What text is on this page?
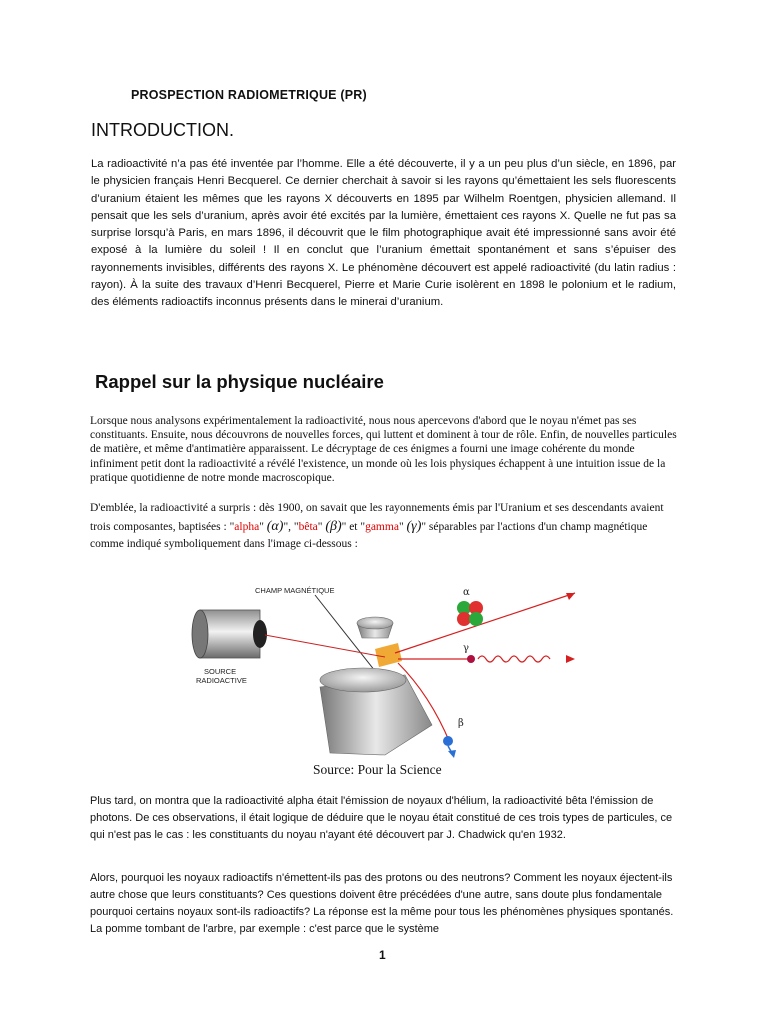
PROSPECTION RADIOMETRIQUE (PR)
INTRODUCTION.
La radioactivité n’a pas été inventée par l’homme. Elle a été découverte, il y a un peu plus d’un siècle, en 1896, par le physicien français Henri Becquerel. Ce dernier cherchait à savoir si les rayons qu’émettaient les sels fluorescents d’uranium étaient les mêmes que les rayons X découverts en 1895 par Wilhelm Roentgen, physicien allemand. Il pensait que les sels d’uranium, après avoir été excités par la lumière, émettaient ces rayons X. Quelle ne fut pas sa surprise lorsqu’à Paris, en mars 1896, il découvrit que le film photographique avait été impressionné sans avoir été exposé à la lumière du soleil ! Il en conclut que l’uranium émettait spontanément et sans s’épuiser des rayonnements invisibles, différents des rayons X. Le phénomène découvert est appelé radioactivité (du latin radius : rayon). À la suite des travaux d’Henri Becquerel, Pierre et Marie Curie isolèrent en 1898 le polonium et le radium, des éléments radioactifs inconnus présents dans le minerai d’uranium.
Rappel sur la physique nucléaire
Lorsque nous analysons expérimentalement la radioactivité, nous nous apercevons d'abord que le noyau n'émet pas ses constituants. Ensuite, nous découvrons de nouvelles forces, qui luttent et dominent à tour de rôle. Enfin, de nouvelles particules de matière, et même d'antimatière apparaissent. Le décryptage de ces énigmes a fourni une image cohérente du monde infiniment petit dont la radioactivité a révélé l'existence, un monde où les lois physiques échappent à une intuition issue de la pratique quotidienne de notre monde macroscopique.
D'emblée, la radioactivité a surpris : dès 1900, on savait que les rayonnements émis par l'Uranium et ses descendants avaient trois composantes, baptisées : "alpha" (α)", "bêta" (β)" et "gamma" (γ)" séparables par l'actions d'un champ magnétique comme indiqué symboliquement dans l'image ci-dessous :
CHAMP MAGNÉTIQUE
SOURCE
RADIOACTIVE
α
γ
β
Source: Pour la Science
Plus tard, on montra que la radioactivité alpha était l'émission de noyaux d'hélium, la radioactivité bêta l'émission de photons. De ces observations, il était logique de déduire que le noyau était constitué de ces trois types de particules, ce qui n'est pas le cas : les constituants du noyau n'ayant été découvert par J. Chadwick qu'en 1932.
Alors, pourquoi les noyaux radioactifs n'émettent-ils pas des protons ou des neutrons? Comment les noyaux éjectent-ils autre chose que leurs constituants? Ces questions doivent être précédées d'une autre, sans doute plus fondamentale pourquoi certains noyaux sont-ils radioactifs? La réponse est la même pour tous les phénomènes physiques spontanés. La pomme tombant de l'arbre, par exemple : c'est parce que le système
1
